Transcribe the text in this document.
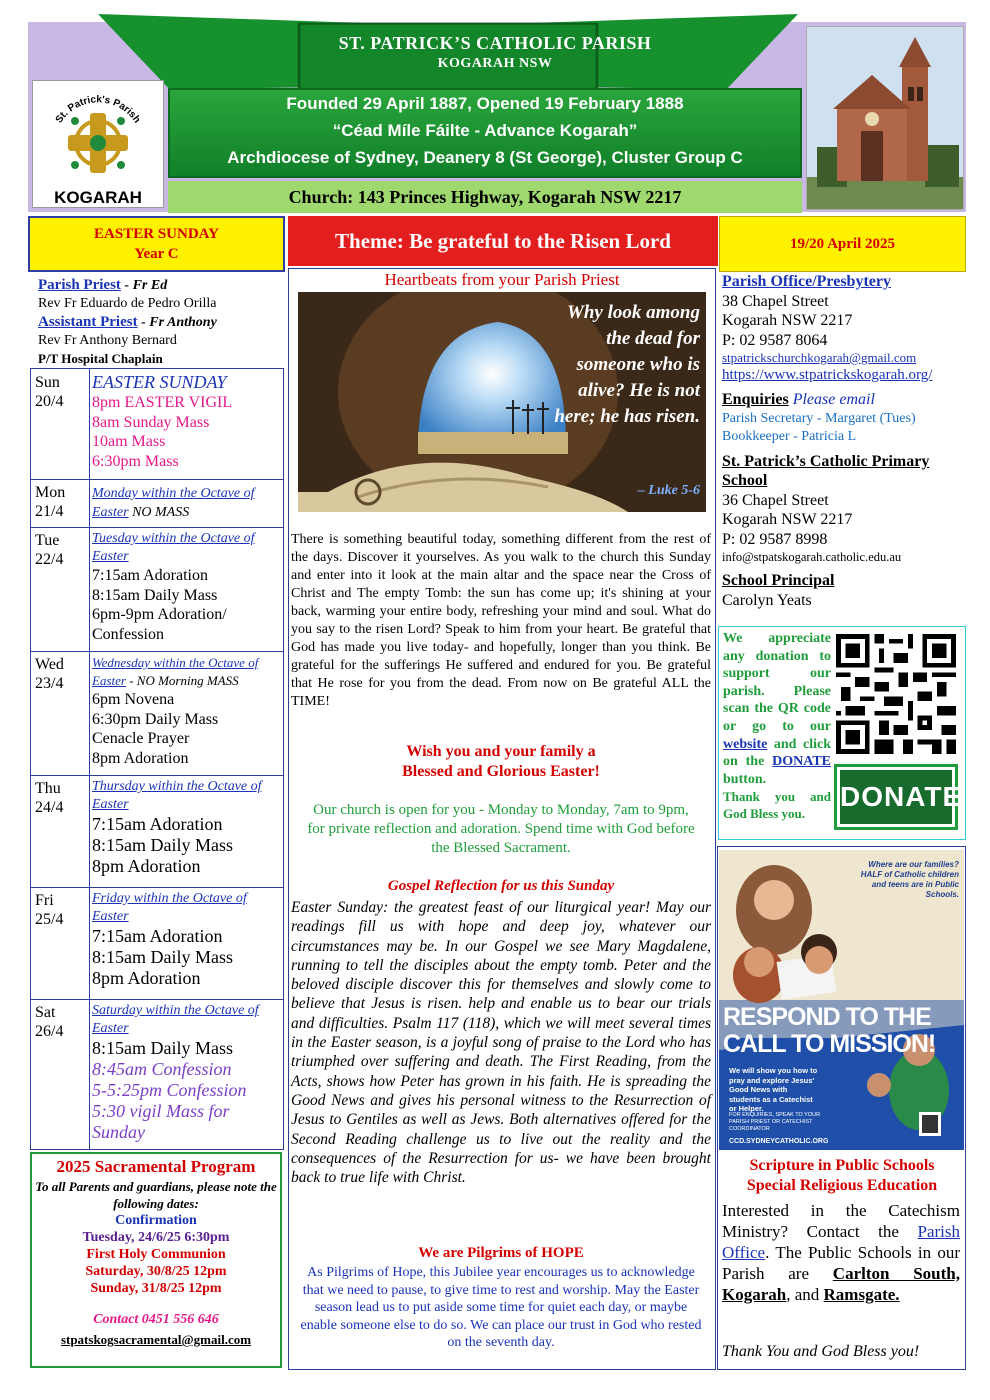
ST. PATRICK’S CATHOLIC PARISH
KOGARAH NSW
St. Patrick's Parish
KOGARAH
Founded 29 April 1887, Opened 19 February 1888
“Céad Míle Fáilte - Advance Kogarah”
Archdiocese of Sydney, Deanery 8 (St George), Cluster Group C
Church: 143 Princes Highway, Kogarah NSW 2217
EASTER SUNDAY
Year C
Parish Priest - Fr Ed
Rev Fr Eduardo de Pedro Orilla
Assistant Priest - Fr Anthony
Rev Fr Anthony Bernard
P/T Hospital Chaplain
Sun
20/4
EASTER SUNDAY
8pm EASTER VIGIL
8am Sunday Mass
10am Mass
6:30pm Mass
Mon
21/4
Monday within the Octave of Easter NO MASS
Tue
22/4
Tuesday within the Octave of Easter
7:15am Adoration
8:15am Daily Mass
6pm-9pm Adoration/
Confession
Wed
23/4
Wednesday within the Octave of Easter - NO Morning MASS
6pm Novena
6:30pm Daily Mass
Cenacle Prayer
8pm Adoration
Thu
24/4
Thursday within the Octave of Easter
7:15am Adoration
8:15am Daily Mass
8pm Adoration
Fri
25/4
Friday within the Octave of Easter
7:15am Adoration
8:15am Daily Mass
8pm Adoration
Sat
26/4
Saturday within the Octave of Easter
8:15am Daily Mass
8:45am Confession
5-5:25pm Confession
5:30 vigil Mass for
Sunday
2025 Sacramental Program
To all Parents and guardians, please note the following dates:
Confirmation
Tuesday, 24/6/25 6:30pm
First Holy Communion
Saturday, 30/8/25 12pm
Sunday, 31/8/25 12pm
Contact 0451 556 646
stpatskogsacramental@gmail.com
Theme: Be grateful to the Risen Lord
Heartbeats from your Parish Priest
Why look among the dead for someone who is alive? He is not here; he has risen.
– Luke 5-6
There is something beautiful today, something different from the rest of the days. Discover it yourselves. As you walk to the church this Sunday and enter into it look at the main altar and the space near the Cross of Christ and The empty Tomb: the sun has come up; it's shining at your back, warming your entire body, refreshing your mind and soul. What do you say to the risen Lord? Speak to him from your heart. Be grateful that God has made you live today- and hopefully, longer than you think. Be grateful for the sufferings He suffered and endured for you. Be grateful that He rose for you from the dead. From now on Be grateful ALL the TIME!
Wish you and your family a
Blessed and Glorious Easter!
Our church is open for you - Monday to Monday, 7am to 9pm, for private reflection and adoration. Spend time with God before the Blessed Sacrament.
Gospel Reflection for us this Sunday
Easter Sunday: the greatest feast of our liturgical year! May our readings fill us with hope and deep joy, whatever our circumstances may be. In our Gospel we see Mary Magdalene, running to tell the disciples about the empty tomb. Peter and the beloved disciple discover this for themselves and slowly come to believe that Jesus is risen. help and enable us to bear our trials and difficulties. Psalm 117 (118), which we will meet several times in the Easter season, is a joyful song of praise to the Lord who has triumphed over suffering and death. The First Reading, from the Acts, shows how Peter has grown in his faith. He is spreading the Good News and gives his personal witness to the Resurrection of Jesus to Gentiles as well as Jews. Both alternatives offered for the Second Reading challenge us to live out the reality and the consequences of the Resurrection for us- we have been brought back to true life with Christ.
We are Pilgrims of HOPE
As Pilgrims of Hope, this Jubilee year encourages us to acknowledge that we need to pause, to give time to rest and worship. May the Easter season lead us to put aside some time for quiet each day, or maybe enable someone else to do so. We can place our trust in God who rested on the seventh day.
19/20 April 2025
Parish Office/Presbytery
38 Chapel Street
Kogarah NSW 2217
P: 02 9587 8064
stpatrickschurchkogarah@gmail.com
https://www.stpatrickskogarah.org/
Enquiries Please email
Parish Secretary - Margaret (Tues)
Bookkeeper - Patricia L
St. Patrick’s Catholic Primary School
36 Chapel Street
Kogarah NSW 2217
P: 02 9587 8998
info@stpatskogarah.catholic.edu.au
School Principal
Carolyn Yeats
We appreciate any donation to support our parish. Please scan the QR code or go to our website and click on the DONATE button.
Thank you and God Bless you.
DONATE
Where are our families?
HALF of Catholic children and teens are in Public Schools.
RESPOND TO THE
CALL TO MISSION!
We will show you how to pray and explore Jesus' Good News with students as a Catechist or Helper.
FOR ENQUIRIES, SPEAK TO YOUR PARISH PRIEST OR CATECHIST COORDINATOR
CCD.SYDNEYCATHOLIC.ORG
Scripture in Public Schools
Special Religious Education
Interested in the Catechism Ministry? Contact the Parish Office. The Public Schools in our Parish are Carlton South, Kogarah, and Ramsgate.
Thank You and God Bless you!
